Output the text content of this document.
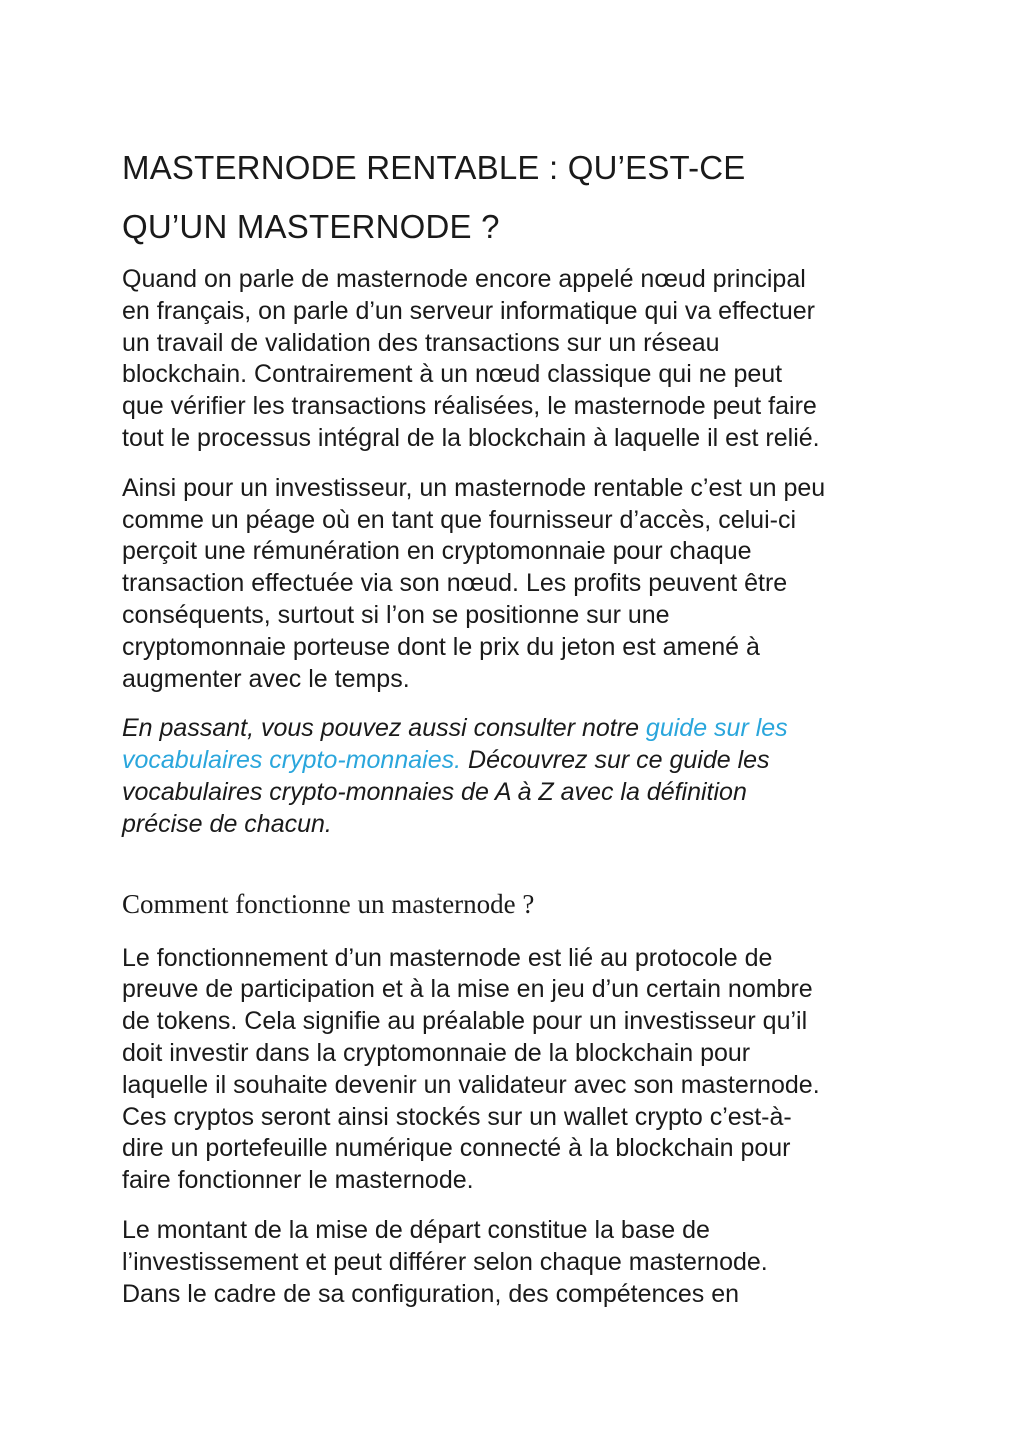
MASTERNODE RENTABLE : QU’EST-CE
QU’UN MASTERNODE ?

Quand on parle de masternode encore appelé nœud principal
en français, on parle d’un serveur informatique qui va effectuer
un travail de validation des transactions sur un réseau
blockchain. Contrairement à un nœud classique qui ne peut
que vérifier les transactions réalisées, le masternode peut faire
tout le processus intégral de la blockchain à laquelle il est relié.

Ainsi pour un investisseur, un masternode rentable c’est un peu
comme un péage où en tant que fournisseur d’accès, celui-ci
perçoit une rémunération en cryptomonnaie pour chaque
transaction effectuée via son nœud. Les profits peuvent être
conséquents, surtout si l’on se positionne sur une
cryptomonnaie porteuse dont le prix du jeton est amené à
augmenter avec le temps.

En passant, vous pouvez aussi consulter notre guide sur les
vocabulaires crypto-monnaies. Découvrez sur ce guide les
vocabulaires crypto-monnaies de A à Z avec la définition
précise de chacun.

Comment fonctionne un masternode ?

Le fonctionnement d’un masternode est lié au protocole de
preuve de participation et à la mise en jeu d’un certain nombre
de tokens. Cela signifie au préalable pour un investisseur qu’il
doit investir dans la cryptomonnaie de la blockchain pour
laquelle il souhaite devenir un validateur avec son masternode.
Ces cryptos seront ainsi stockés sur un wallet crypto c’est-à-
dire un portefeuille numérique connecté à la blockchain pour
faire fonctionner le masternode.

Le montant de la mise de départ constitue la base de
l’investissement et peut différer selon chaque masternode.
Dans le cadre de sa configuration, des compétences en
